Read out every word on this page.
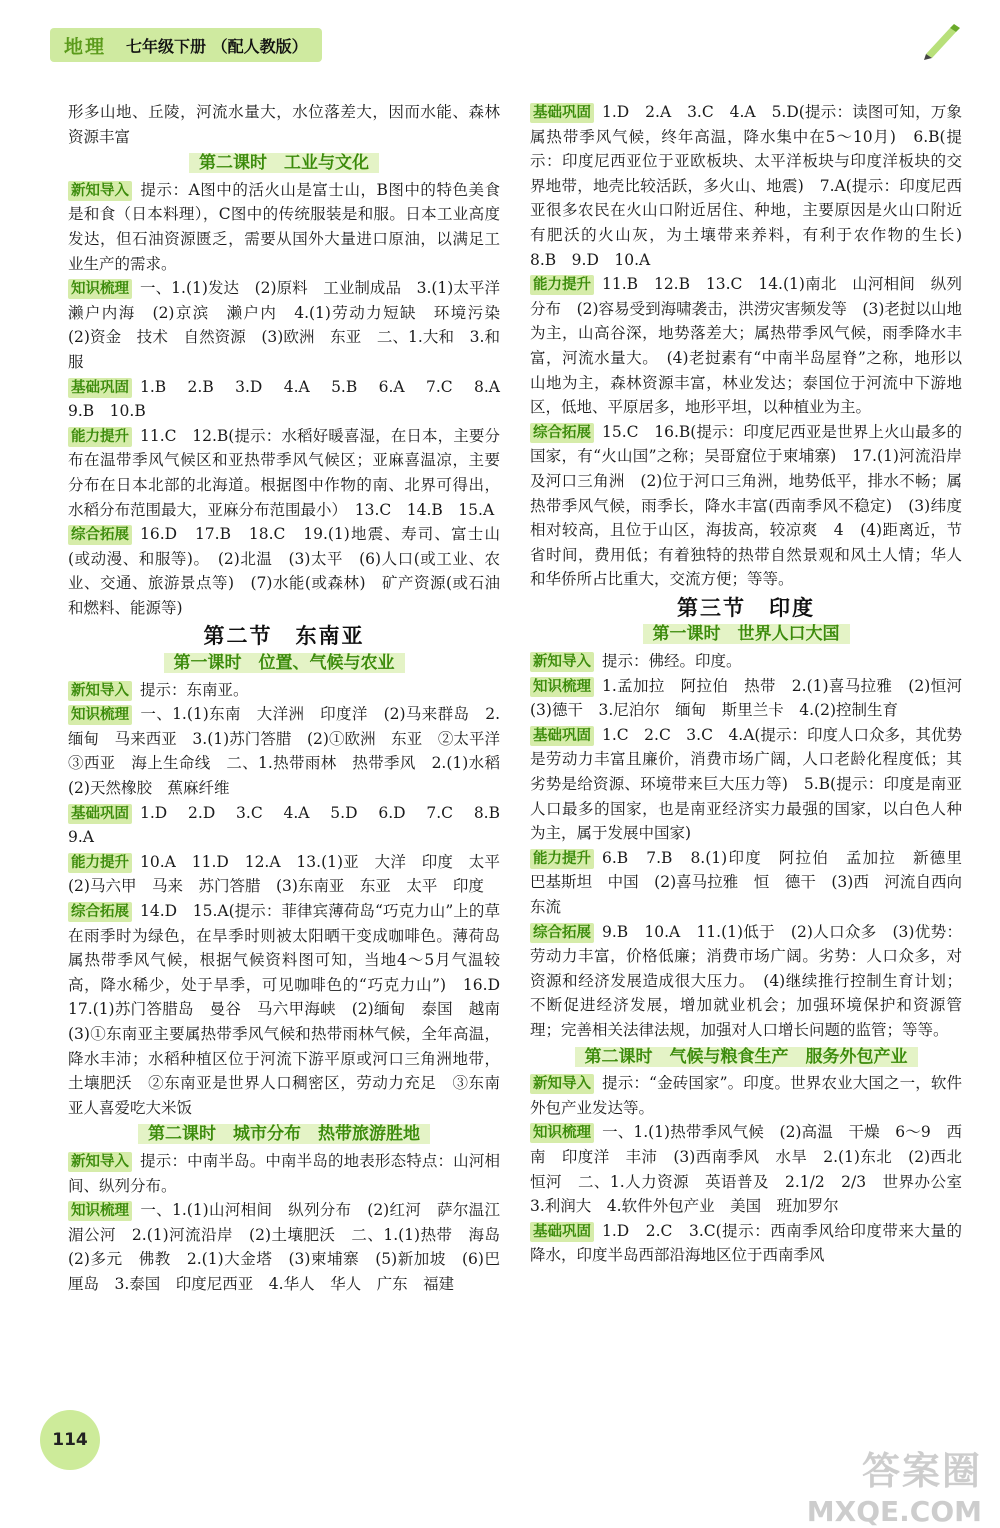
地理 七年级下册 （配人教版）

形多山地、丘陵，河流水量大，水位落差大，因而水能、森林资源丰富

第二课时　工业与文化

新知导入 提示：A图中的活火山是富士山，B图中的特色美食是和食（日本料理），C图中的传统服装是和服。日本工业高度发达，但石油资源匮乏，需要从国外大量进口原油，以满足工业生产的需求。

知识梳理 一、1.(1)发达　(2)原料　工业制成品　3.(1)太平洋　濑户内海　(2)京滨　濑户内　4.(1)劳动力短缺　环境污染　(2)资金　技术　自然资源　(3)欧洲　东亚　二、1.大和　3.和服

基础巩固 1.B　2.B　3.D　4.A　5.B　6.A　7.C　8.A　9.B　10.B

能力提升 11.C　12.B(提示：水稻好暖喜湿，在日本，主要分布在温带季风气候区和亚热带季风气候区；亚麻喜温凉，主要分布在日本北部的北海道。根据图中作物的南、北界可得出，水稻分布范围最大，亚麻分布范围最小）　13.C　14.B　15.A

综合拓展 16.D　17.B　18.C　19.(1)地震、寿司、富士山(或动漫、和服等)。　(2)北温　(3)太平　(6)人口(或工业、农业、交通、旅游景点等)　(7)水能(或森林)　矿产资源(或石油和燃料、能源等)

第二节　东南亚
第一课时　位置、气候与农业

新知导入 提示：东南亚。

知识梳理 一、1.(1)东南　大洋洲　印度洋　(2)马来群岛　2.缅甸　马来西亚　3.(1)苏门答腊　(2)①欧洲　东亚　②太平洋　③西亚　海上生命线　二、1.热带雨林　热带季风　2.(1)水稻　(2)天然橡胶　蕉麻纤维

基础巩固 1.D　2.D　3.C　4.A　5.D　6.D　7.C　8.B　9.A

能力提升 10.A　11.D　12.A　13.(1)亚　大洋　印度　太平　(2)马六甲　马来　苏门答腊　(3)东南亚　东亚　太平　印度

综合拓展 14.D　15.A(提示：菲律宾薄荷岛“巧克力山”上的草在雨季时为绿色，在旱季时则被太阳晒干变成咖啡色。薄荷岛属热带季风气候，根据气候资料图可知，当地4～5月气温较高，降水稀少，处于旱季，可见咖啡色的“巧克力山”)　16.D　17.(1)苏门答腊岛　曼谷　马六甲海峡　(2)缅甸　泰国　越南　(3)①东南亚主要属热带季风气候和热带雨林气候，全年高温，降水丰沛；水稻种植区位于河流下游平原或河口三角洲地带，土壤肥沃　②东南亚是世界人口稠密区，劳动力充足　③东南亚人喜爱吃大米饭

第二课时　城市分布　热带旅游胜地

新知导入 提示：中南半岛。中南半岛的地表形态特点：山河相间、纵列分布。

知识梳理 一、1.(1)山河相间　纵列分布　(2)红河　萨尔温江　湄公河　2.(1)河流沿岸　(2)土壤肥沃　二、1.(1)热带　海岛　(2)多元　佛教　2.(1)大金塔　(3)柬埔寨　(5)新加坡　(6)巴厘岛　3.泰国　印度尼西亚　4.华人　华人　广东　福建

基础巩固 1.D　2.A　3.C　4.A　5.D(提示：读图可知，万象属热带季风气候，终年高温，降水集中在5～10月)　6.B(提示：印度尼西亚位于亚欧板块、太平洋板块与印度洋板块的交界地带，地壳比较活跃，多火山、地震)　7.A(提示：印度尼西亚很多农民在火山口附近居住、种地，主要原因是火山口附近有肥沃的火山灰，为土壤带来养料，有利于农作物的生长)　8.B　9.D　10.A

能力提升 11.B　12.B　13.C　14.(1)南北　山河相间　纵列分布　(2)容易受到海啸袭击，洪涝灾害频发等　(3)老挝以山地为主，山高谷深，地势落差大；属热带季风气候，雨季降水丰富，河流水量大。　(4)老挝素有“中南半岛屋脊”之称，地形以山地为主，森林资源丰富，林业发达；泰国位于河流中下游地区，低地、平原居多，地形平坦，以种植业为主。

综合拓展 15.C　16.B(提示：印度尼西亚是世界上火山最多的国家，有“火山国”之称；吴哥窟位于柬埔寨)　17.(1)河流沿岸及河口三角洲　(2)位于河口三角洲，地势低平，排水不畅；属热带季风气候，雨季长，降水丰富(西南季风不稳定)　(3)纬度相对较高，且位于山区，海拔高，较凉爽　4　(4)距离近，节省时间，费用低；有着独特的热带自然景观和风土人情；华人和华侨所占比重大，交流方便；等等。

第三节　印度
第一课时　世界人口大国

新知导入 提示：佛经。印度。

知识梳理 1.孟加拉　阿拉伯　热带　2.(1)喜马拉雅　(2)恒河　(3)德干　3.尼泊尔　缅甸　斯里兰卡　4.(2)控制生育

基础巩固 1.C　2.C　3.C　4.A(提示：印度人口众多，其优势是劳动力丰富且廉价，消费市场广阔，人口老龄化程度低；其劣势是给资源、环境带来巨大压力等)　5.B(提示：印度是南亚人口最多的国家，也是南亚经济实力最强的国家，以白色人种为主，属于发展中国家)

能力提升 6.B　7.B　8.(1)印度　阿拉伯　孟加拉　新德里　巴基斯坦　中国　(2)喜马拉雅　恒　德干　(3)西　河流自西向东流

综合拓展 9.B　10.A　11.(1)低于　(2)人口众多　(3)优势：劳动力丰富，价格低廉；消费市场广阔。劣势：人口众多，对资源和经济发展造成很大压力。　(4)继续推行控制生育计划；不断促进经济发展，增加就业机会；加强环境保护和资源管理；完善相关法律法规，加强对人口增长问题的监管；等等。

第二课时　气候与粮食生产　服务外包产业

新知导入 提示：“金砖国家”。印度。世界农业大国之一，软件外包产业发达等。

知识梳理 一、1.(1)热带季风气候　(2)高温　干燥　6～9　西南　印度洋　丰沛　(3)西南季风　水旱　2.(1)东北　(2)西北　恒河　二、1.人力资源　英语普及　2.1/2　2/3　世界办公室　3.利润大　4.软件外包产业　美国　班加罗尔

基础巩固 1.D　2.C　3.C(提示：西南季风给印度带来大量的降水，印度半岛西部沿海地区位于西南季风

114
答案圈
MXQE.COM
